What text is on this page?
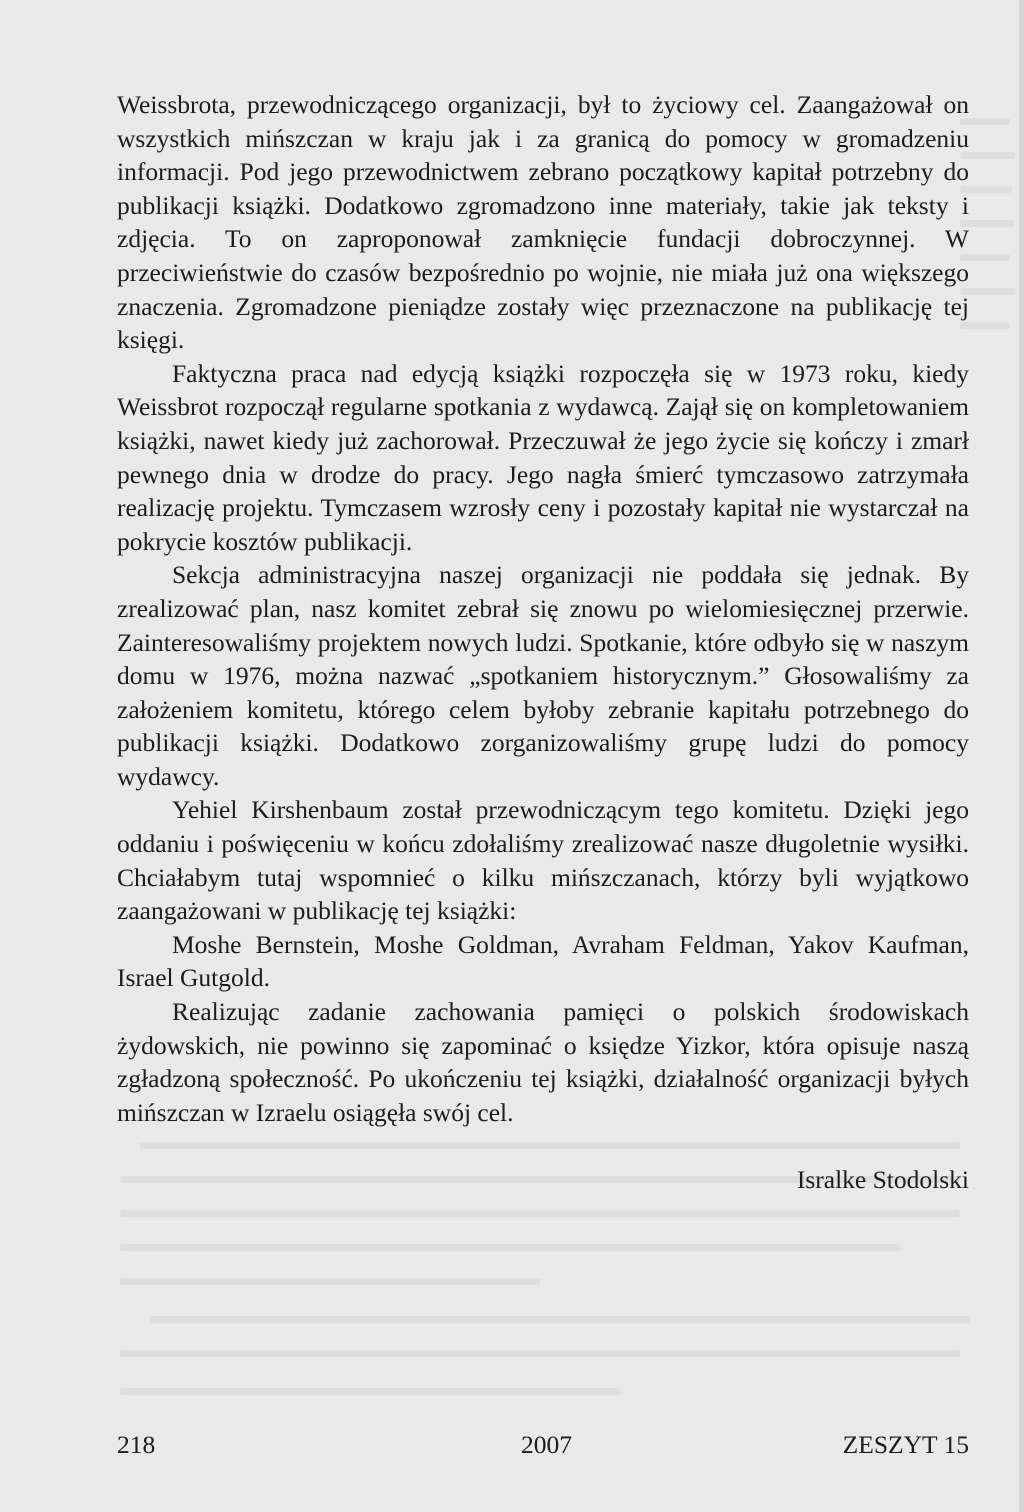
Weissbrota, przewodniczącego organizacji, był to życiowy cel. Zaangażował on wszystkich mińszczan w kraju jak i za granicą do pomocy w gromadzeniu informacji. Pod jego przewodnictwem zebrano początkowy kapitał potrzebny do publikacji książki. Dodatkowo zgromadzono inne materiały, takie jak teksty i zdjęcia. To on zaproponował zamknięcie fundacji dobroczynnej. W przeciwieństwie do czasów bezpośrednio po wojnie, nie miała już ona większego znaczenia. Zgromadzone pieniądze zostały więc przeznaczone na publikację tej księgi.

Faktyczna praca nad edycją książki rozpoczęła się w 1973 roku, kiedy Weissbrot rozpoczął regularne spotkania z wydawcą. Zajął się on kompletowaniem książki, nawet kiedy już zachorował. Przeczuwał że jego życie się kończy i zmarł pewnego dnia w drodze do pracy. Jego nagła śmierć tymczasowo zatrzymała realizację projektu. Tymczasem wzrosły ceny i pozostały kapitał nie wystarczał na pokrycie kosztów publikacji.

Sekcja administracyjna naszej organizacji nie poddała się jednak. By zrealizować plan, nasz komitet zebrał się znowu po wielomiesięcznej przerwie. Zainteresowaliśmy projektem nowych ludzi. Spotkanie, które odbyło się w naszym domu w 1976, można nazwać „spotkaniem historycznym.” Głosowaliśmy za założeniem komitetu, którego celem byłoby zebranie kapitału potrzebnego do publikacji książki. Dodatkowo zorganizowaliśmy grupę ludzi do pomocy wydawcy.

Yehiel Kirshenbaum został przewodniczącym tego komitetu. Dzięki jego oddaniu i poświęceniu w końcu zdołaliśmy zrealizować nasze długoletnie wysiłki. Chciałabym tutaj wspomnieć o kilku mińszczanach, którzy byli wyjątkowo zaangażowani w publikację tej książki:

Moshe Bernstein, Moshe Goldman, Avraham Feldman, Yakov Kaufman, Israel Gutgold.

Realizując zadanie zachowania pamięci o polskich środowiskach żydowskich, nie powinno się zapominać o księdze Yizkor, która opisuje naszą zgładzoną społeczność. Po ukończeniu tej książki, działalność organizacji byłych mińszczan w Izraelu osiągęła swój cel.

Isralke Stodolski

218	2007	ZESZYT 15
